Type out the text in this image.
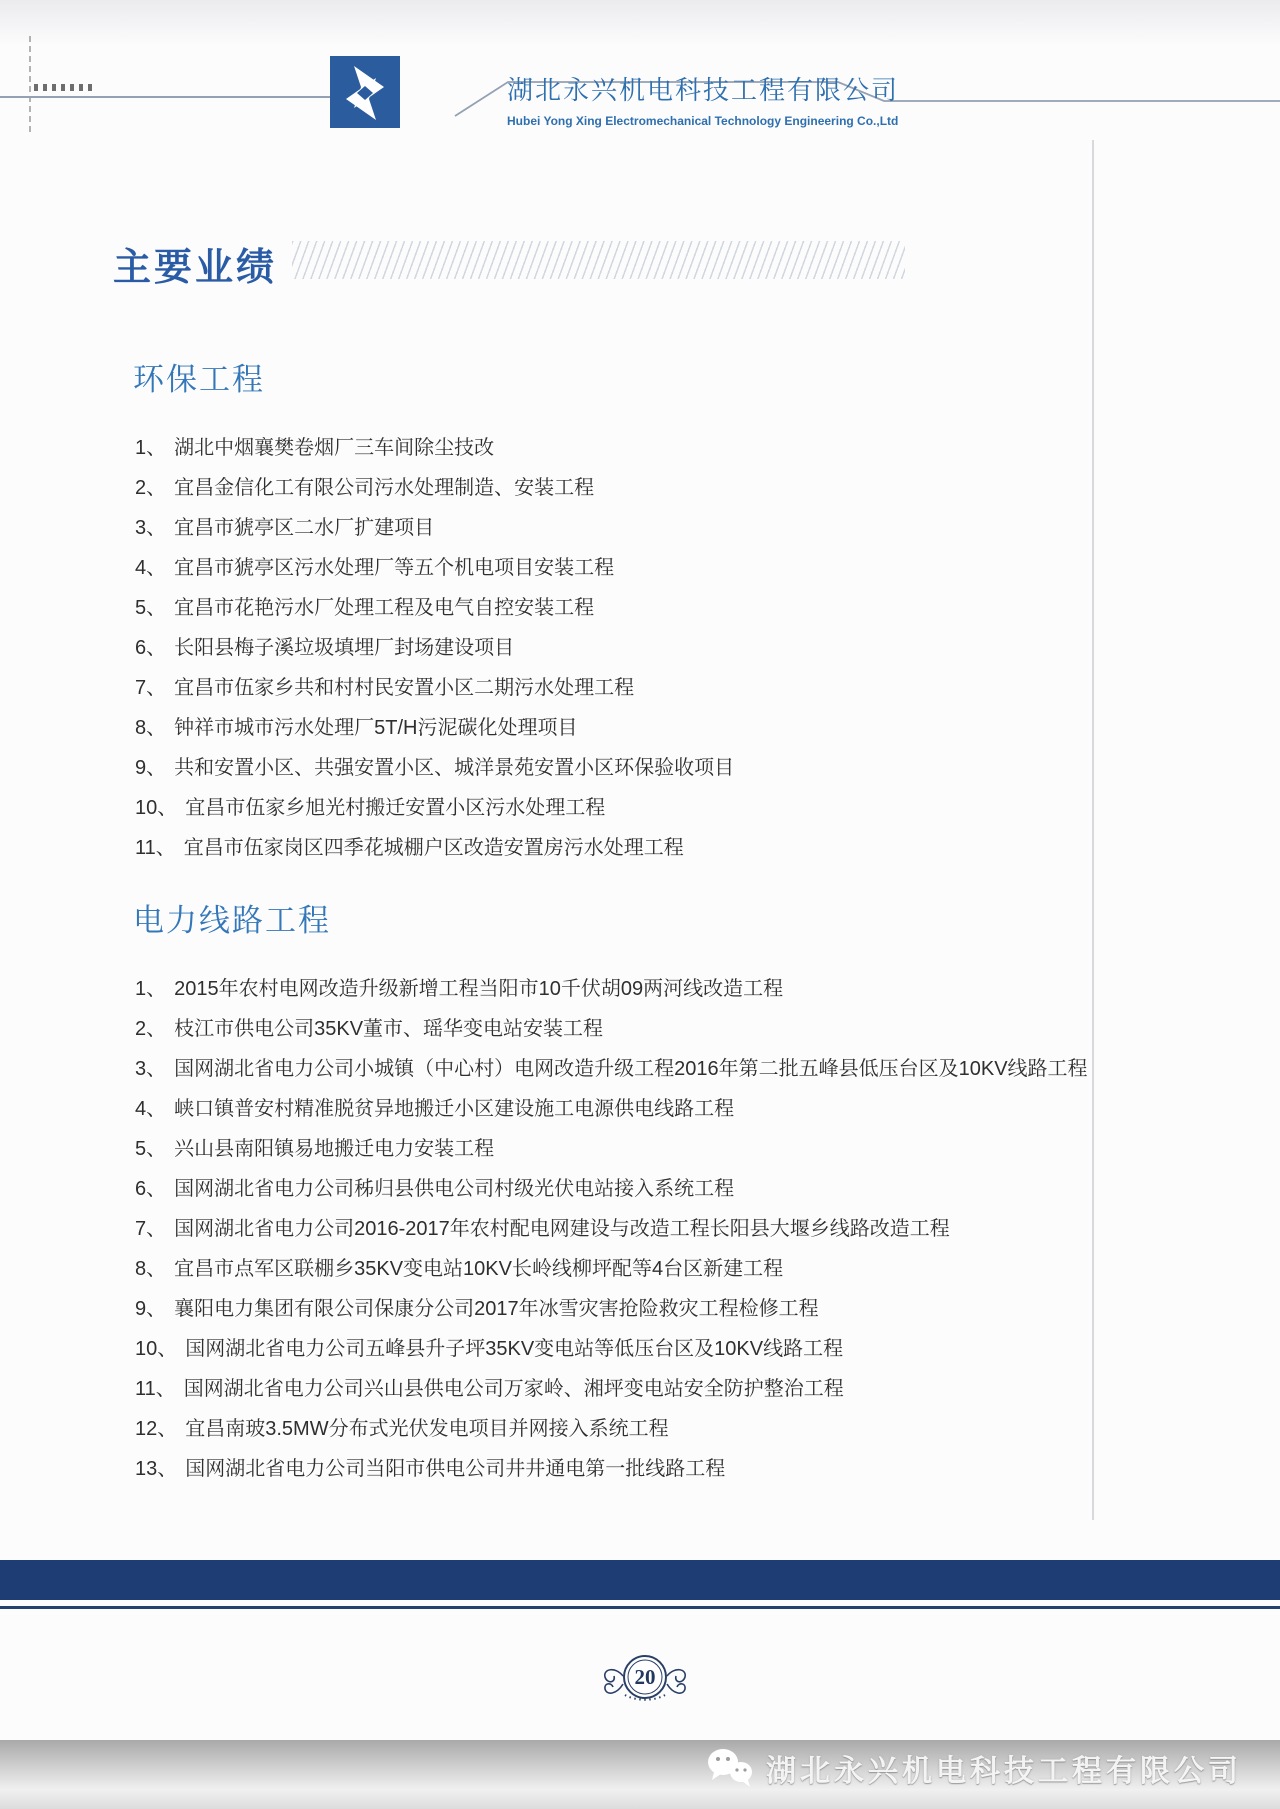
湖北永兴机电科技工程有限公司
Hubei Yong Xing Electromechanical Technology Engineering Co.,Ltd
主要业绩
环保工程
1、 湖北中烟襄樊卷烟厂三车间除尘技改
2、 宜昌金信化工有限公司污水处理制造、安装工程
3、 宜昌市猇亭区二水厂扩建项目
4、 宜昌市猇亭区污水处理厂等五个机电项目安装工程
5、 宜昌市花艳污水厂处理工程及电气自控安装工程
6、 长阳县梅子溪垃圾填埋厂封场建设项目
7、 宜昌市伍家乡共和村村民安置小区二期污水处理工程
8、 钟祥市城市污水处理厂5T/H污泥碳化处理项目
9、 共和安置小区、共强安置小区、城洋景苑安置小区环保验收项目
10、 宜昌市伍家乡旭光村搬迁安置小区污水处理工程
11、 宜昌市伍家岗区四季花城棚户区改造安置房污水处理工程
电力线路工程
1、 2015年农村电网改造升级新增工程当阳市10千伏胡09两河线改造工程
2、 枝江市供电公司35KV董市、瑶华变电站安装工程
3、 国网湖北省电力公司小城镇（中心村）电网改造升级工程2016年第二批五峰县低压台区及10KV线路工程
4、 峡口镇普安村精准脱贫异地搬迁小区建设施工电源供电线路工程
5、 兴山县南阳镇易地搬迁电力安装工程
6、 国网湖北省电力公司秭归县供电公司村级光伏电站接入系统工程
7、 国网湖北省电力公司2016-2017年农村配电网建设与改造工程长阳县大堰乡线路改造工程
8、 宜昌市点军区联棚乡35KV变电站10KV长岭线柳坪配等4台区新建工程
9、 襄阳电力集团有限公司保康分公司2017年冰雪灾害抢险救灾工程检修工程
10、 国网湖北省电力公司五峰县升子坪35KV变电站等低压台区及10KV线路工程
11、 国网湖北省电力公司兴山县供电公司万家岭、湘坪变电站安全防护整治工程
12、 宜昌南玻3.5MW分布式光伏发电项目并网接入系统工程
13、 国网湖北省电力公司当阳市供电公司井井通电第一批线路工程
20
湖北永兴机电科技工程有限公司
